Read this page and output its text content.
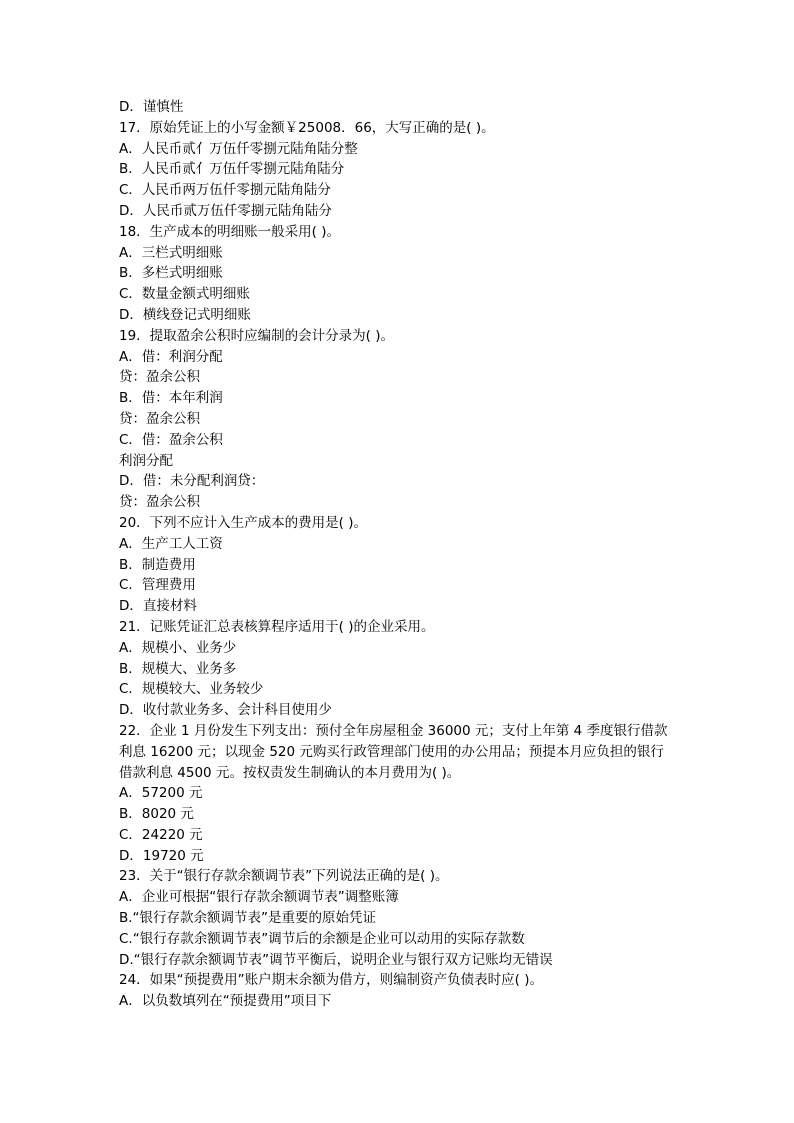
D．谨慎性
17．原始凭证上的小写金额￥25008．66，大写正确的是( )。
A．人民币贰亻万伍仟零捌元陆角陆分整
B．人民币贰亻万伍仟零捌元陆角陆分
C．人民币两万伍仟零捌元陆角陆分
D．人民币贰万伍仟零捌元陆角陆分
18．生产成本的明细账一般采用( )。
A．三栏式明细账
B．多栏式明细账
C．数量金额式明细账
D．横线登记式明细账
19．提取盈余公积时应编制的会计分录为( )。
A．借：利润分配
贷：盈余公积
B．借：本年利润
贷：盈余公积
C．借：盈余公积
利润分配
D．借：未分配利润贷：
贷：盈余公积
20．下列不应计入生产成本的费用是( )。
A．生产工人工资
B．制造费用
C．管理费用
D．直接材料
21．记账凭证汇总表核算程序适用于( )的企业采用。
A．规模小、业务少
B．规模大、业务多
C．规模较大、业务较少
D．收付款业务多、会计科目使用少
22．企业 1 月份发生下列支出：预付全年房屋租金 36000 元；支付上年第 4 季度银行借款
利息 16200 元；以现金 520 元购买行政管理部门使用的办公用品；预提本月应负担的银行
借款利息 4500 元。按权责发生制确认的本月费用为( )。
A．57200 元
B．8020 元
C．24220 元
D．19720 元
23．关于“银行存款余额调节表”下列说法正确的是( )。
A．企业可根据“银行存款余额调节表”调整账簿
B.“银行存款余额调节表”是重要的原始凭证
C.“银行存款余额调节表”调节后的余额是企业可以动用的实际存款数
D.“银行存款余额调节表”调节平衡后，说明企业与银行双方记账均无错误
24．如果“预提费用”账户期末余额为借方，则编制资产负债表时应( )。
A．以负数填列在“预提费用”项目下
